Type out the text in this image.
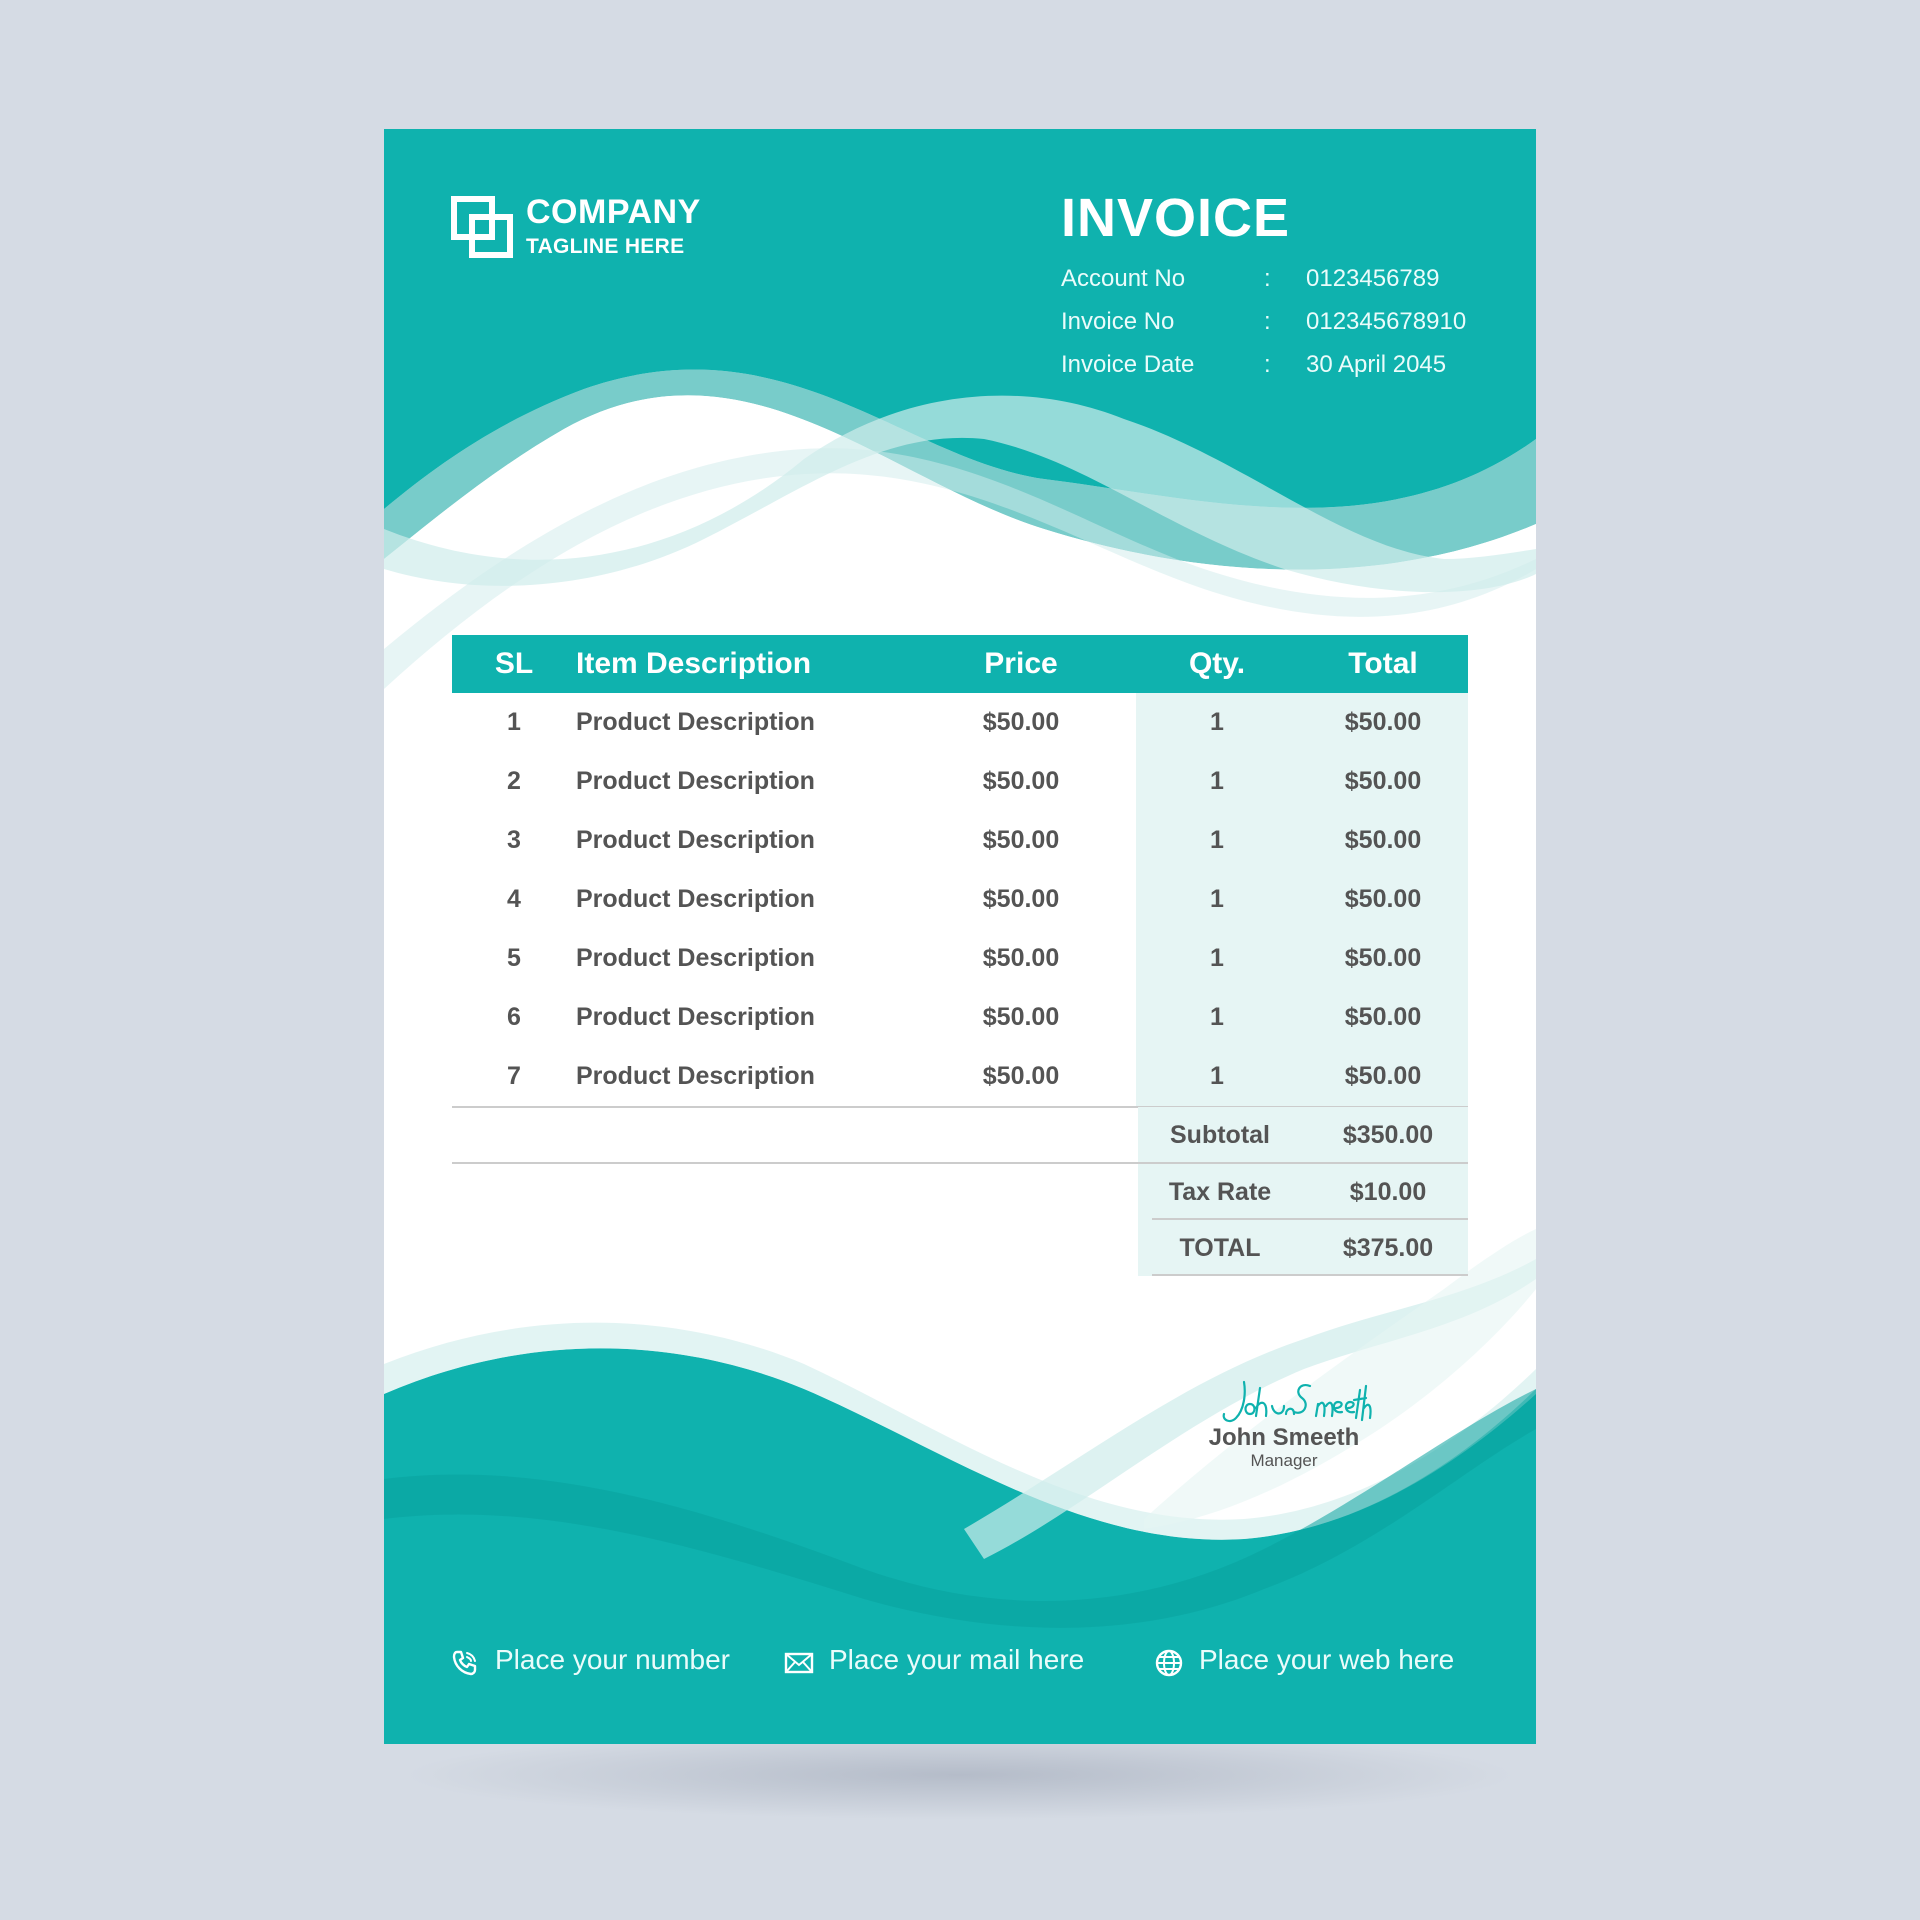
COMPANY
TAGLINE HERE	INVOICE
Account No	: 0123456789
Invoice No	: 012345678910
Invoice Date	: 30 April 2045
SL	Item Description	Price	Qty.	Total
1	Product Description	$50.00	1	$50.00
2	Product Description	$50.00	1	$50.00
3	Product Description	$50.00	1	$50.00
4	Product Description	$50.00	1	$50.00
5	Product Description	$50.00	1	$50.00
6	Product Description	$50.00	1	$50.00
7	Product Description	$50.00	1	$50.00
Subtotal	$350.00
Tax Rate	$10.00
TOTAL	$375.00
John Smeeth
Manager
Place your number	Place your mail here	Place your web here
